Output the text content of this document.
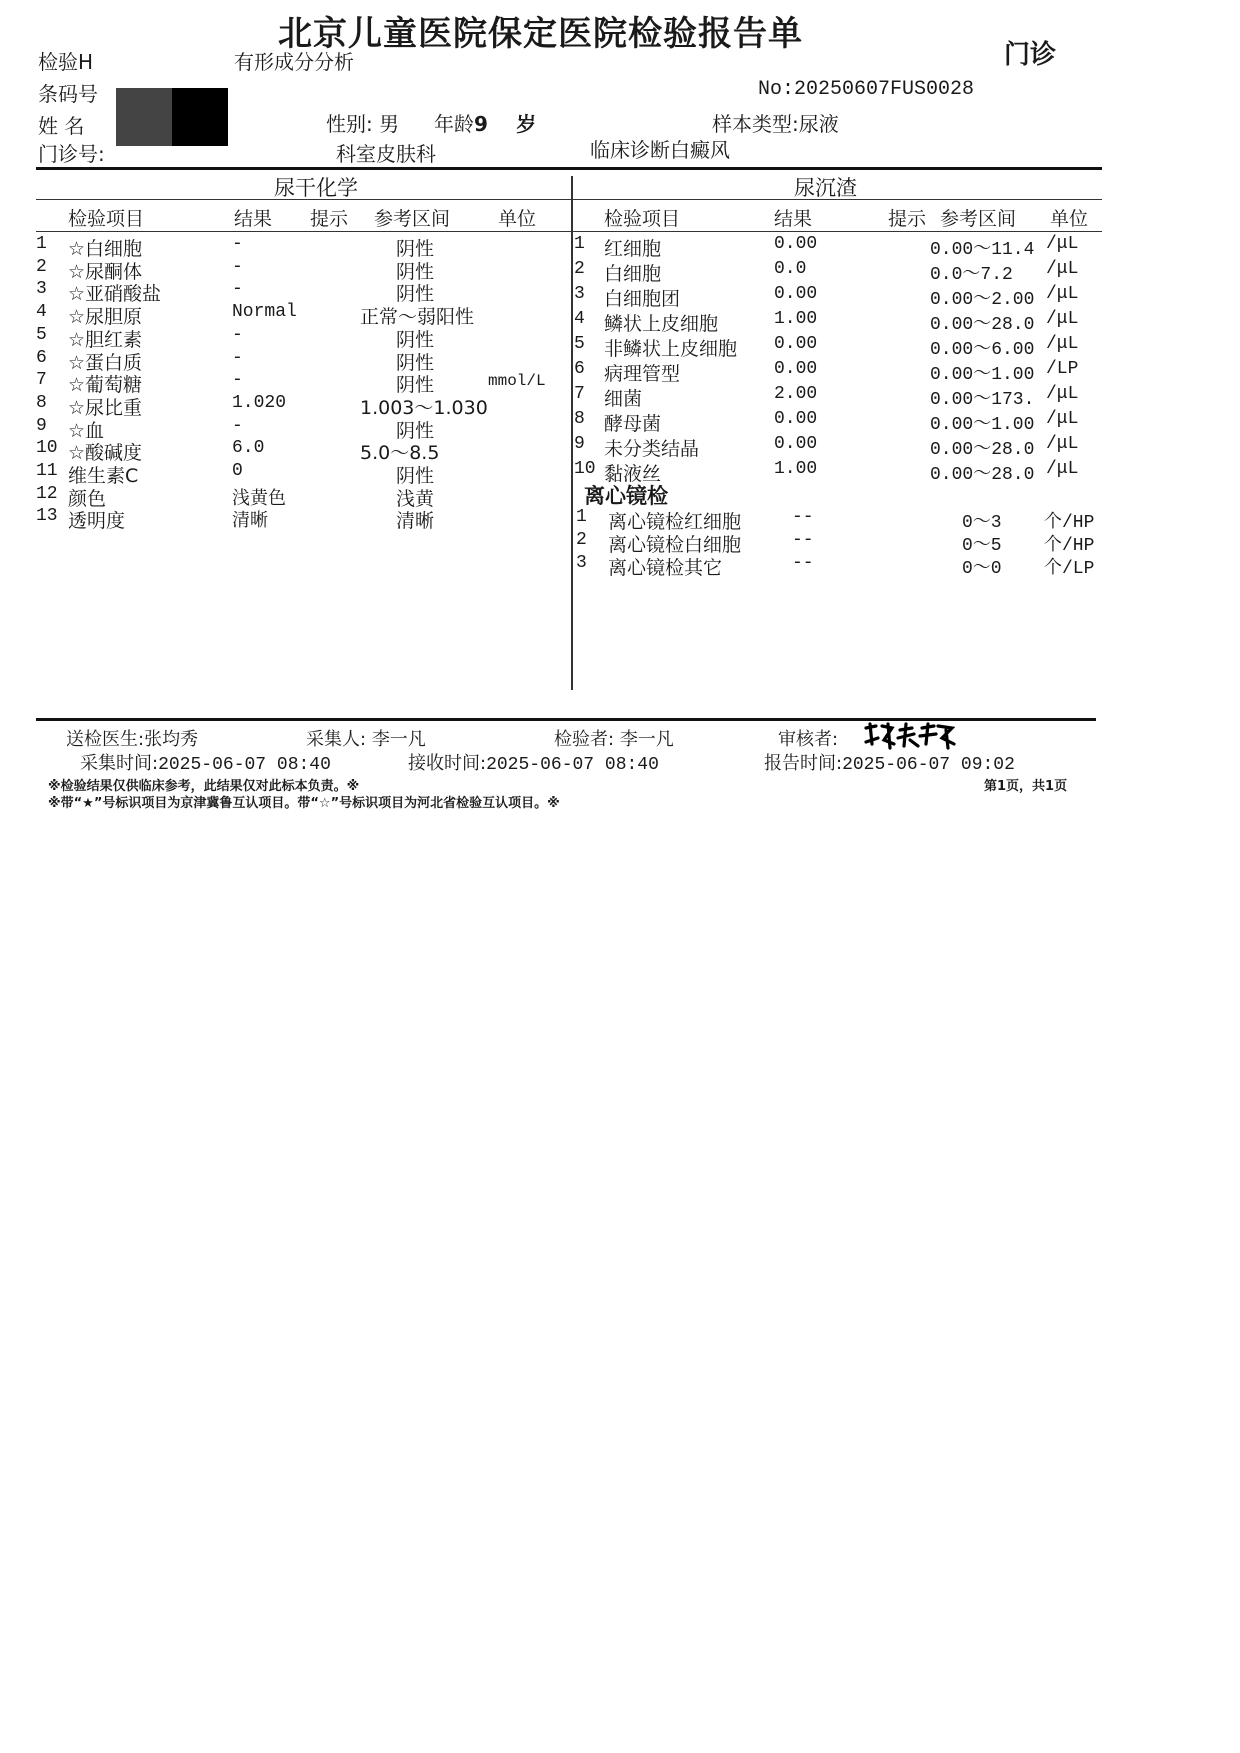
北京儿童医院保定医院检验报告单
门诊
检验H	有形成分分析
条码号	No:20250607FUS0028
姓 名	性别: 男 年龄9 岁	样本类型:尿液
门诊号:	科室皮肤科	临床诊断白癜风
尿干化学	尿沉渣
检验项目	结果 提示 参考区间	单位	检验项目	结果	提示 参考区间 单位
1 ☆白细胞	-	阴性
2 ☆尿酮体	-	阴性
3 ☆亚硝酸盐	-	阴性
4 ☆尿胆原	Normal	正常～弱阳性
5 ☆胆红素	-	阴性
6 ☆蛋白质	-	阴性
7 ☆葡萄糖	-	阴性	mmol/L
8 ☆尿比重	1.020	1.003～1.030
9 ☆血	-	阴性
10 ☆酸碱度	6.0	5.0～8.5
11 维生素C	0	阴性
12 颜色	浅黄色	浅黄
13 透明度	清晰	清晰
1 红细胞	0.00	0.00～11.4 /μL
2 白细胞	0.0	0.0～7.2 /μL
3 白细胞团	0.00	0.00～2.00 /μL
4 鳞状上皮细胞	1.00	0.00～28.0 /μL
5 非鳞状上皮细胞 0.00	0.00～6.00 /μL
6 病理管型	0.00	0.00～1.00 /LP
7 细菌	2.00	0.00～173. /μL
8 酵母菌	0.00	0.00～1.00 /μL
9 未分类结晶	0.00	0.00～28.0 /μL
10 黏液丝	1.00	0.00～28.0 /μL
离心镜检
1 离心镜检红细胞	--	0～3 个/HP
2 离心镜检白细胞	--	0～5 个/HP
3 离心镜检其它	--	0～0 个/LP
送检医生:张均秀	采集人: 李一凡	检验者: 李一凡	审核者:
采集时间:2025-06-07 08:40	接收时间:2025-06-07 08:40	报告时间:2025-06-07 09:02
※检验结果仅供临床参考，此结果仅对此标本负责。※	第1页，共1页
※带“★”号标识项目为京津冀鲁互认项目。带“☆”号标识项目为河北省检验互认项目。※
